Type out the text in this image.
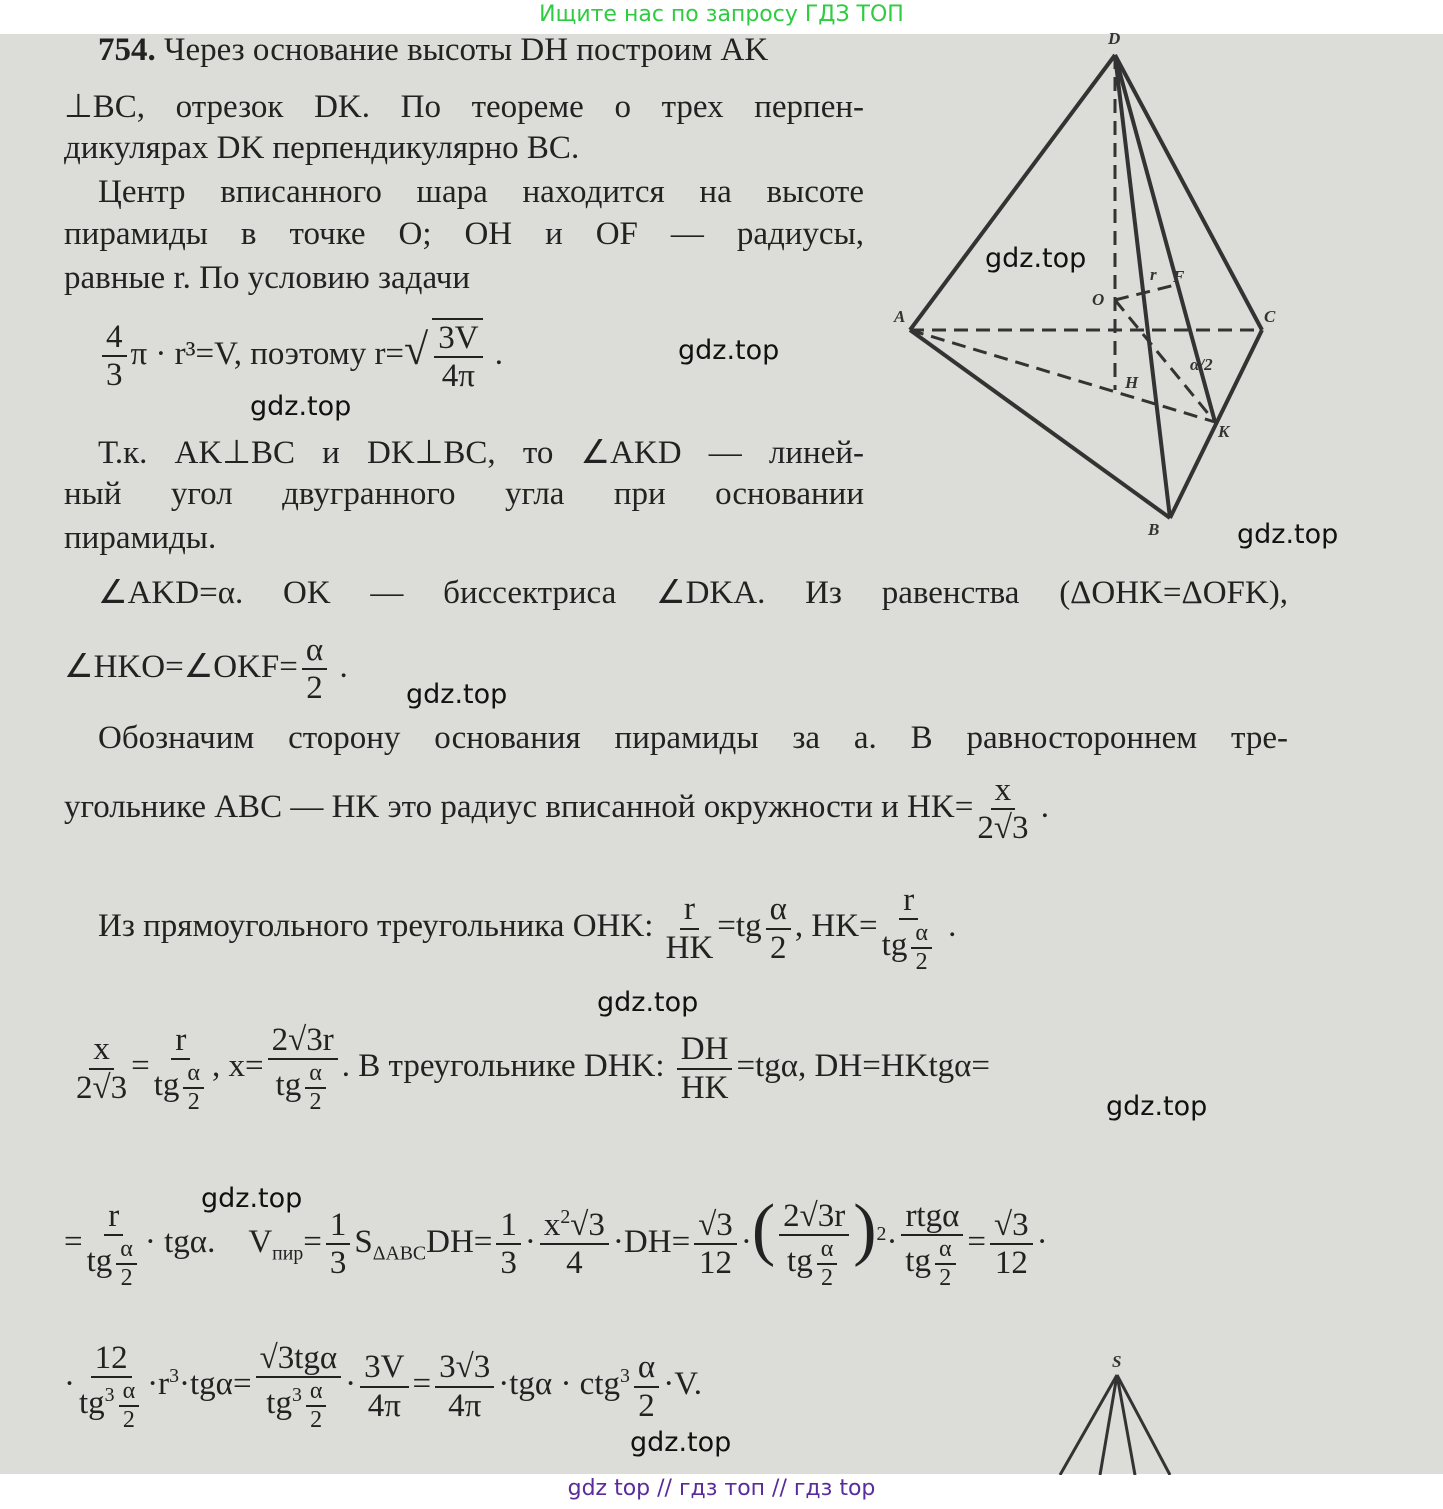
Ищите нас по запросу ГДЗ ТОП
754. Через основание высоты DH построим AK
⊥BC, отрезок DK. По теореме о трех перпен-
дикулярах DK перпендикулярно BC.
Центр вписанного шара находится на высоте
пирамиды в точке O; OH и OF — радиусы,
равные r. По условию задачи
$\frac{4}{3}$ π · r³=V, поэтому $r=√ \frac{3V}{4\pi}$ .
Т.к. AK⊥BC и DK⊥BC, то ∠AKD — линей-
ный угол двугранного угла при основании
пирамиды.
∠AKD=α. OK — биссектриса ∠DKA. Из равенства (ΔOHK=ΔOFK),
∠HKO=∠OKF= $\frac{\alpha}{2}$ .
Обозначим сторону основания пирамиды за a. В равностороннем тре-
угольнике ABC — HK это радиус вписанной окружности и $HK= \frac{x}{2√3}$ .
Из прямоугольного треугольника OHK: $\frac{r}{HK} =tg \frac{\alpha}{2}$ , HK=
r
tg $\frac{\alpha}{2}$ .
$\frac{x}{2√3}$ =
r
tg $\frac{\alpha}{2}$ , x=
2√3r
tg $\frac{\alpha}{2}$ . В треугольнике DHK: $\frac{DH}{HK} =tg\alpha$, DH=HKtgα=
=
r
tg $\frac{\alpha}{2} \cdot tg\alpha$.    $V_{пир}= \frac{1}{3} S_{\Delta ABC}DH= \frac{1}{3} \cdot \frac{x^2√3}{4} \cdot DH= \frac{√3}{12}$ ·( 2√3r
tg $\frac{\alpha}{2} )^2\cdot$
rtgα
tg $\frac{\alpha}{2} = \frac{√3}{12}$ ·
· $\frac{12}{tg^3 \frac{\alpha}{2}} \cdot r^3\cdot tg\alpha=$
√3tgα
$tg^3 \frac{\alpha}{2} \cdot \frac{3V}{4\pi} = \frac{3√3}{4\pi} \cdot tg\alpha \cdot ctg^3 \frac{\alpha}{2} \cdot V$.
D
A	C
B
O
F
H
K
r
α/2
S
gdz.top
gdz.top
gdz.top
gdz.top
gdz.top
gdz.top
gdz.top
gdz.top
gdz.top
gdz top // гдз топ // гдз top
